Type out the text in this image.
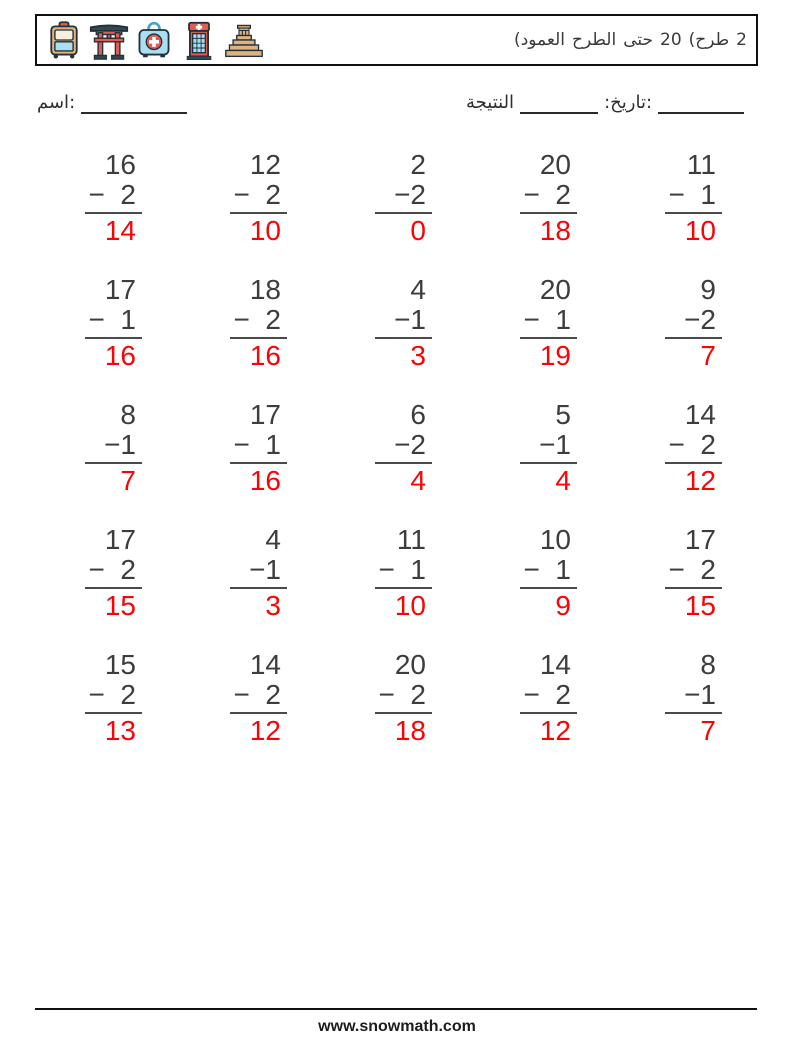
(العمود الطرح حتى 20 (طرح 2
اسم:	النتيجة	:تاريخ:
16
− 2
14
12
− 2
10
2
−2
0
20
− 2
18
11
− 1
10
17
− 1
16
18
− 2
16
4
−1
3
20
− 1
19
9
−2
7
8
−1
7
17
− 1
16
6
−2
4
5
−1
4
14
− 2
12
17
− 2
15
4
−1
3
11
− 1
10
10
− 1
9
17
− 2
15
15
− 2
13
14
− 2
12
20
− 2
18
14
− 2
12
8
−1
7
www.snowmath.com
